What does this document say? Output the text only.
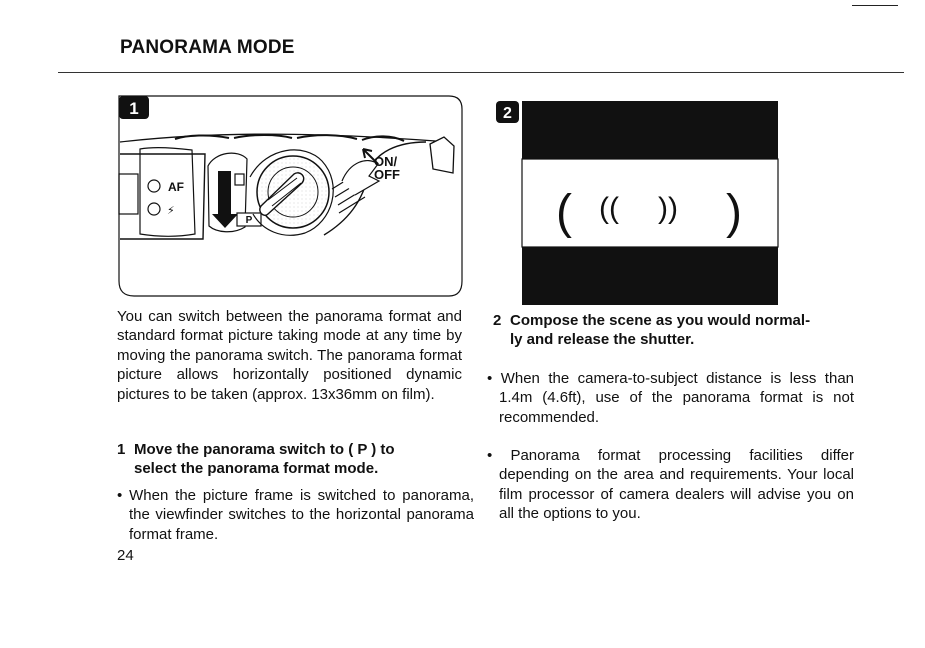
PANORAMA MODE
1
AF
⚡
P
ON/ OFF
2
( (( )) )

You can switch between the panorama format and standard format picture taking mode at any time by moving the panorama switch. The panorama format picture allows horizontally positioned dynamic pictures to be taken (approx. 13x36mm on film).

1 Move the panorama switch to ( P ) to
select the panorama format mode.

• When the picture frame is switched to panorama, the viewfinder switches to the horizontal panorama format frame.

24

2 Compose the scene as you would normal-
ly and release the shutter.

• When the camera-to-subject distance is less than 1.4m (4.6ft), use of the panorama format is not recommended.

• Panorama format processing facilities differ depending on the area and requirements. Your local film processor of camera dealers will advise you on all the options to you.
